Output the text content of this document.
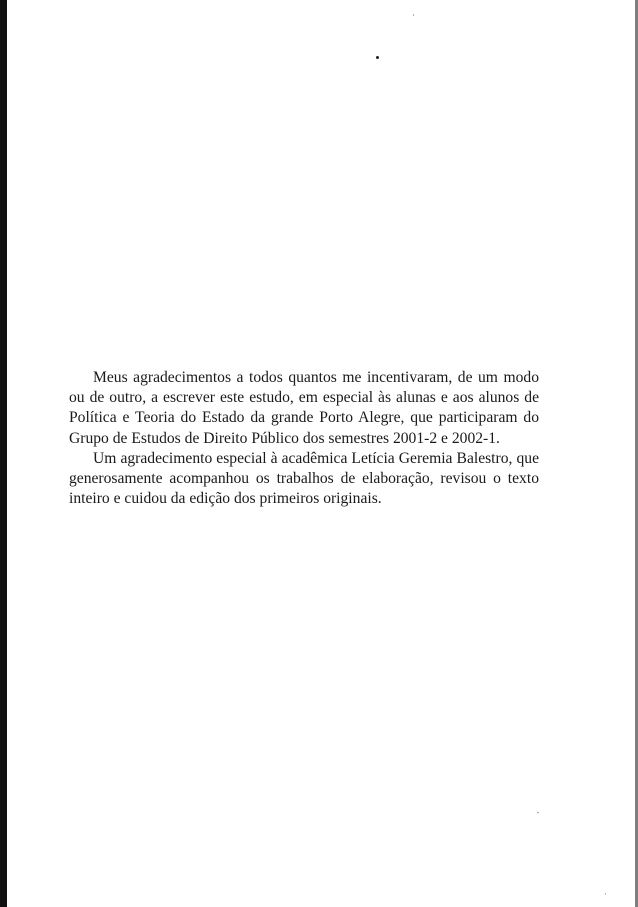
Meus agradecimentos a todos quantos me incentivaram, de um modo ou de outro, a escrever este estudo, em especial às alunas e aos alunos de Política e Teoria do Estado da grande Porto Alegre, que participaram do Grupo de Estudos de Direito Público dos semestres 2001-2 e 2002-1.

Um agradecimento especial à acadêmica Letícia Geremia Balestro, que generosamente acompanhou os trabalhos de elaboração, revisou o texto inteiro e cuidou da edição dos primeiros originais.
